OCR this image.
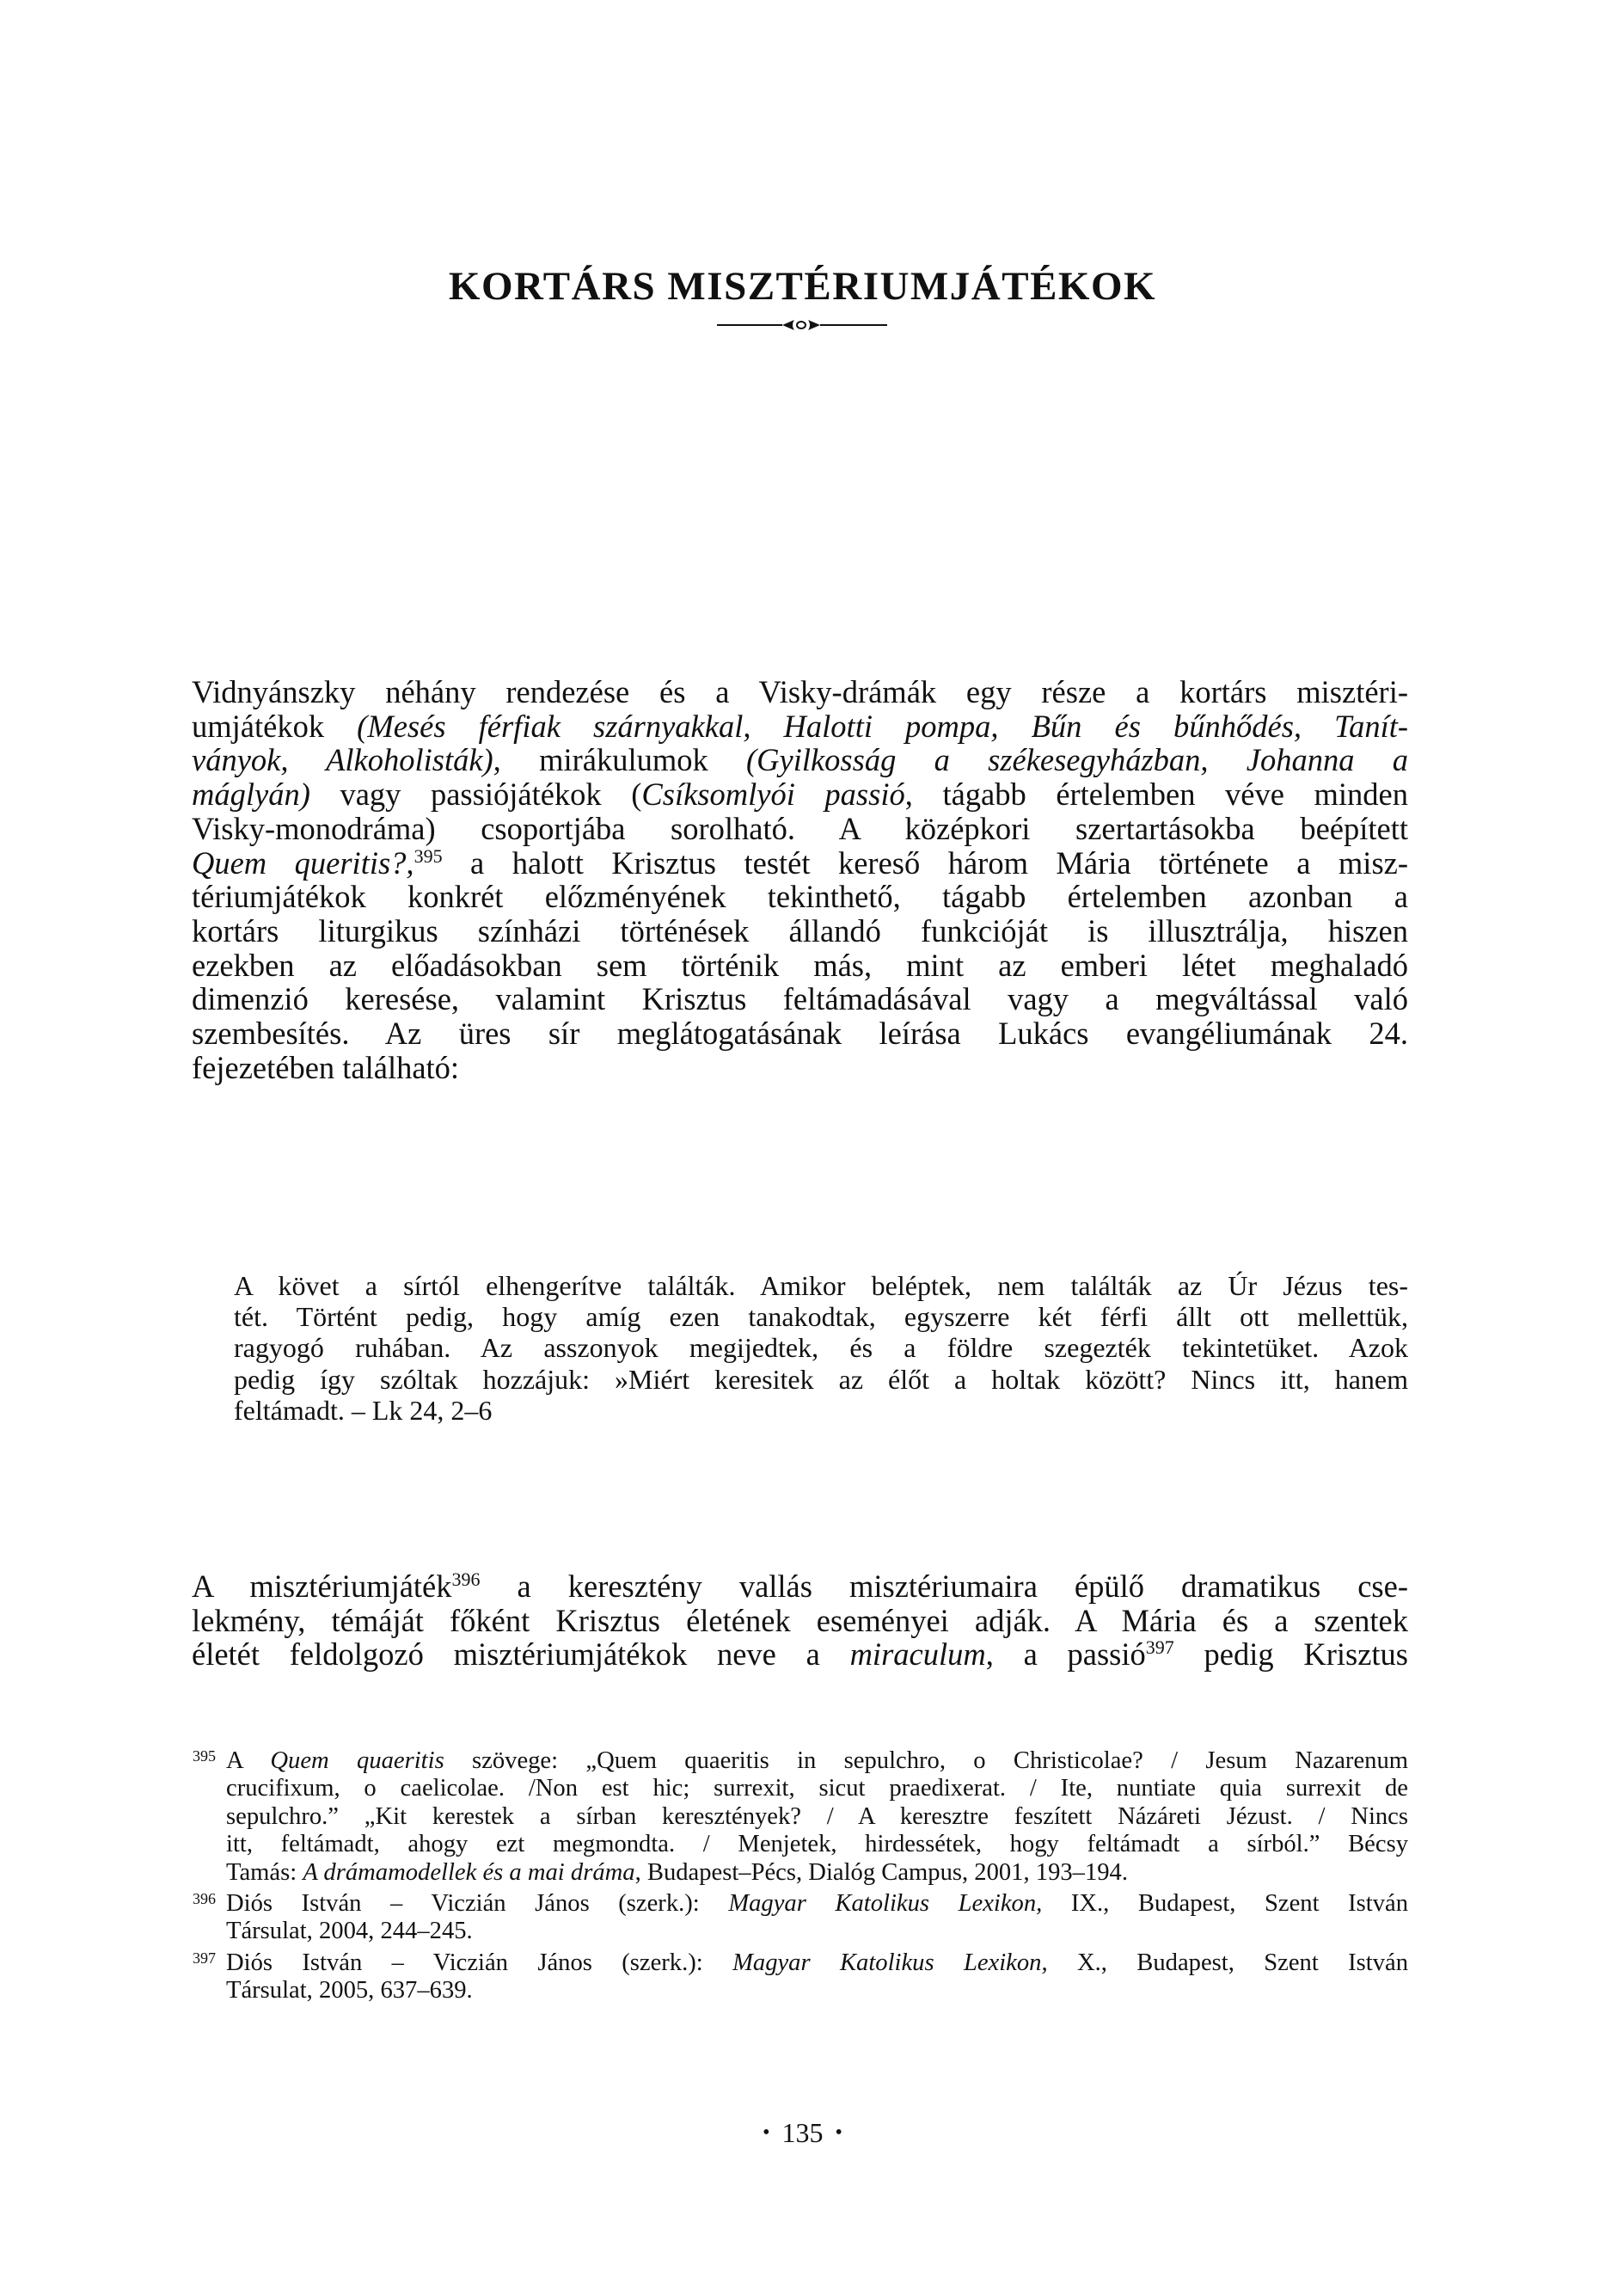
KORTÁRS MISZTÉRIUMJÁTÉKOK
Vidnyánszky néhány rendezése és a Visky-drámák egy része a kortárs misztéri-
umjátékok (Mesés férfiak szárnyakkal, Halotti pompa, Bűn és bűnhődés, Tanít-
ványok, Alkoholisták), mirákulumok (Gyilkosság a székesegyházban, Johanna a
máglyán) vagy passiójátékok (Csíksomlyói passió, tágabb értelemben véve minden
Visky-monodráma) csoportjába sorolható. A középkori szertartásokba beépített
Quem queritis?,$^{395}$ a halott Krisztus testét kereső három Mária története a misz-
tériumjátékok konkrét előzményének tekinthető, tágabb értelemben azonban a
kortárs liturgikus színházi történések állandó funkcióját is illusztrálja, hiszen
ezekben az előadásokban sem történik más, mint az emberi létet meghaladó
dimenzió keresése, valamint Krisztus feltámadásával vagy a megváltással való
szembesítés. Az üres sír meglátogatásának leírása Lukács evangéliumának 24.
fejezetében található:
A követ a sírtól elhengerítve találták. Amikor beléptek, nem találták az Úr Jézus tes-
tét. Történt pedig, hogy amíg ezen tanakodtak, egyszerre két férfi állt ott mellettük,
ragyogó ruhában. Az asszonyok megijedtek, és a földre szegezték tekintetüket. Azok
pedig így szóltak hozzájuk: »Miért keresitek az élőt a holtak között? Nincs itt, hanem
feltámadt. – Lk 24, 2–6
A misztériumjáték$^{396}$ a keresztény vallás misztériumaira épülő dramatikus cse-
lekmény, témáját főként Krisztus életének eseményei adják. A Mária és a szentek
életét feldolgozó misztériumjátékok neve a miraculum, a passió$^{397}$ pedig Krisztus
395 A Quem quaeritis szövege: „Quem quaeritis in sepulchro, o Christicolae? / Jesum Nazarenum
crucifixum, o caelicolae. /Non est hic; surrexit, sicut praedixerat. / Ite, nuntiate quia surrexit de
sepulchro.” „Kit kerestek a sírban keresztények? / A keresztre feszített Názáreti Jézust. / Nincs
itt, feltámadt, ahogy ezt megmondta. / Menjetek, hirdessétek, hogy feltámadt a sírból.” Bécsy
Tamás: A drámamodellek és a mai dráma, Budapest–Pécs, Dialóg Campus, 2001, 193–194.
396 Diós István – Viczián János (szerk.): Magyar Katolikus Lexikon, IX., Budapest, Szent István
Társulat, 2004, 244–245.
397 Diós István – Viczián János (szerk.): Magyar Katolikus Lexikon, X., Budapest, Szent István
Társulat, 2005, 637–639.
• 135 •
